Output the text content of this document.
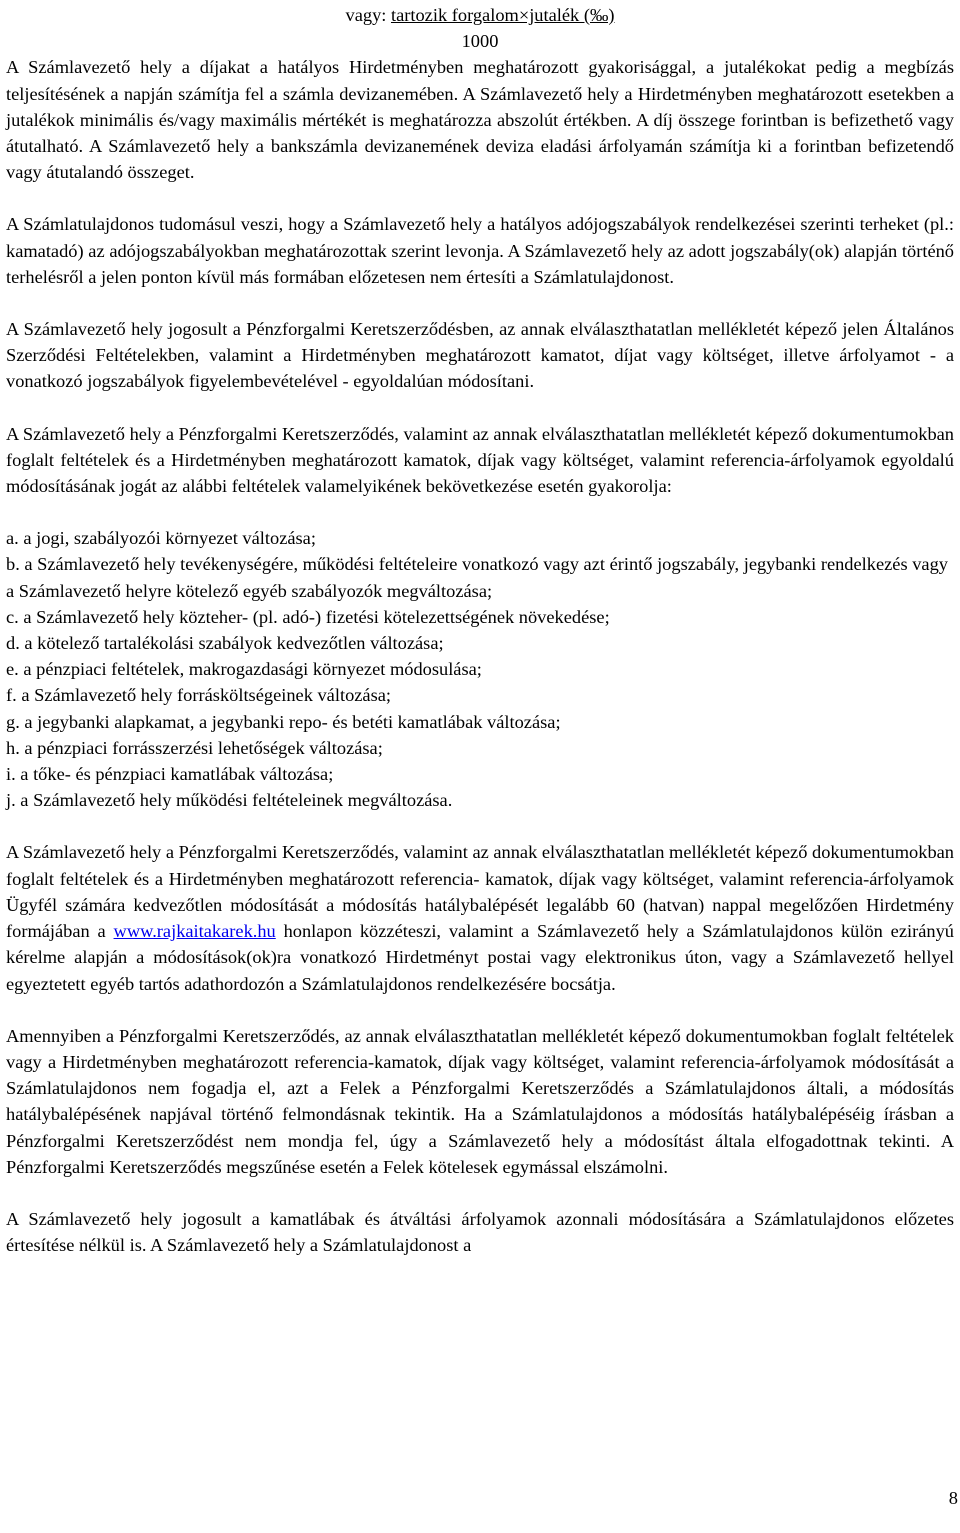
vagy: tartozik forgalom×jutalék (‰)
1000

A Számlavezető hely a díjakat a hatályos Hirdetményben meghatározott gyakorisággal, a jutalékokat pedig a megbízás teljesítésének a napján számítja fel a számla devizanemében. A Számlavezető hely a Hirdetményben meghatározott esetekben a jutalékok minimális és/vagy maximális mértékét is meghatározza abszolút értékben. A díj összege forintban is befizethető vagy átutalható. A Számlavezető hely a bankszámla devizanemének deviza eladási árfolyamán számítja ki a forintban befizetendő vagy átutalandó összeget.

A Számlatulajdonos tudomásul veszi, hogy a Számlavezető hely a hatályos adójogszabályok rendelkezései szerinti terheket (pl.: kamatadó) az adójogszabályokban meghatározottak szerint levonja. A Számlavezető hely az adott jogszabály(ok) alapján történő terhelésről a jelen ponton kívül más formában előzetesen nem értesíti a Számlatulajdonost.

A Számlavezető hely jogosult a Pénzforgalmi Keretszerződésben, az annak elválaszthatatlan mellékletét képező jelen Általános Szerződési Feltételekben, valamint a Hirdetményben meghatározott kamatot, díjat vagy költséget, illetve árfolyamot - a vonatkozó jogszabályok figyelembevételével - egyoldalúan módosítani.

A Számlavezető hely a Pénzforgalmi Keretszerződés, valamint az annak elválaszthatatlan mellékletét képező dokumentumokban foglalt feltételek és a Hirdetményben meghatározott kamatok, díjak vagy költséget, valamint referencia-árfolyamok egyoldalú módosításának jogát az alábbi feltételek valamelyikének bekövetkezése esetén gyakorolja:

a. a jogi, szabályozói környezet változása;
b. a Számlavezető hely tevékenységére, működési feltételeire vonatkozó vagy azt érintő jogszabály, jegybanki rendelkezés vagy a Számlavezető helyre kötelező egyéb szabályozók megváltozása;
c. a Számlavezető hely közteher- (pl. adó-) fizetési kötelezettségének növekedése;
d. a kötelező tartalékolási szabályok kedvezőtlen változása;
e. a pénzpiaci feltételek, makrogazdasági környezet módosulása;
f. a Számlavezető hely forrásköltségeinek változása;
g. a jegybanki alapkamat, a jegybanki repo- és betéti kamatlábak változása;
h. a pénzpiaci forrásszerzési lehetőségek változása;
i. a tőke- és pénzpiaci kamatlábak változása;
j. a Számlavezető hely működési feltételeinek megváltozása.

A Számlavezető hely a Pénzforgalmi Keretszerződés, valamint az annak elválaszthatatlan mellékletét képező dokumentumokban foglalt feltételek és a Hirdetményben meghatározott referencia- kamatok, díjak vagy költséget, valamint referencia-árfolyamok Ügyfél számára kedvezőtlen módosítását a módosítás hatálybalépését legalább 60 (hatvan) nappal megelőzően Hirdetmény formájában a www.rajkaitakarek.hu honlapon közzéteszi, valamint a Számlavezető hely a Számlatulajdonos külön ezirányú kérelme alapján a módosítások(ok)ra vonatkozó Hirdetményt postai vagy elektronikus úton, vagy a Számlavezető hellyel egyeztetett egyéb tartós adathordozón a Számlatulajdonos rendelkezésére bocsátja.

Amennyiben a Pénzforgalmi Keretszerződés, az annak elválaszthatatlan mellékletét képező dokumentumokban foglalt feltételek vagy a Hirdetményben meghatározott referencia-kamatok, díjak vagy költséget, valamint referencia-árfolyamok módosítását a Számlatulajdonos nem fogadja el, azt a Felek a Pénzforgalmi Keretszerződés a Számlatulajdonos általi, a módosítás hatálybalépésének napjával történő felmondásnak tekintik. Ha a Számlatulajdonos a módosítás hatálybalépéséig írásban a Pénzforgalmi Keretszerződést nem mondja fel, úgy a Számlavezető hely a módosítást általa elfogadottnak tekinti. A Pénzforgalmi Keretszerződés megszűnése esetén a Felek kötelesek egymással elszámolni.

A Számlavezető hely jogosult a kamatlábak és átváltási árfolyamok azonnali módosítására a Számlatulajdonos előzetes értesítése nélkül is. A Számlavezető hely a Számlatulajdonost a

8
